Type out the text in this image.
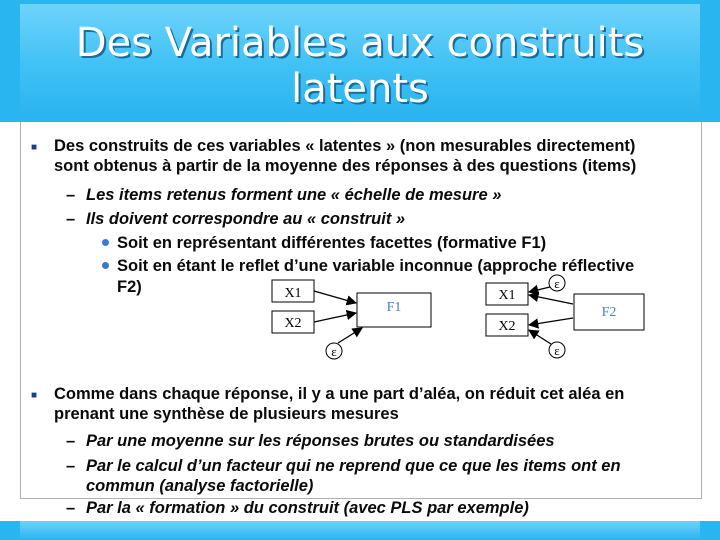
Des Variables aux construits latents
■ Des construits de ces variables « latentes » (non mesurables directement)
sont obtenus à partir de la moyenne des réponses à des questions (items)
– Les items retenus forment une « échelle de mesure »
– Ils doivent correspondre au « construit »
Soit en représentant différentes facettes (formative F1)
Soit en étant le reflet d’une variable inconnue (approche réflective
F2)	X1
X2
F1
ε
X1
X2
F2
ε
ε
■ Comme dans chaque réponse, il y a une part d’aléa, on réduit cet aléa en
prenant une synthèse de plusieurs mesures
– Par une moyenne sur les réponses brutes ou standardisées
– Par le calcul d’un facteur qui ne reprend que ce que les items ont en
commun (analyse factorielle)
– Par la « formation » du construit (avec PLS par exemple)
